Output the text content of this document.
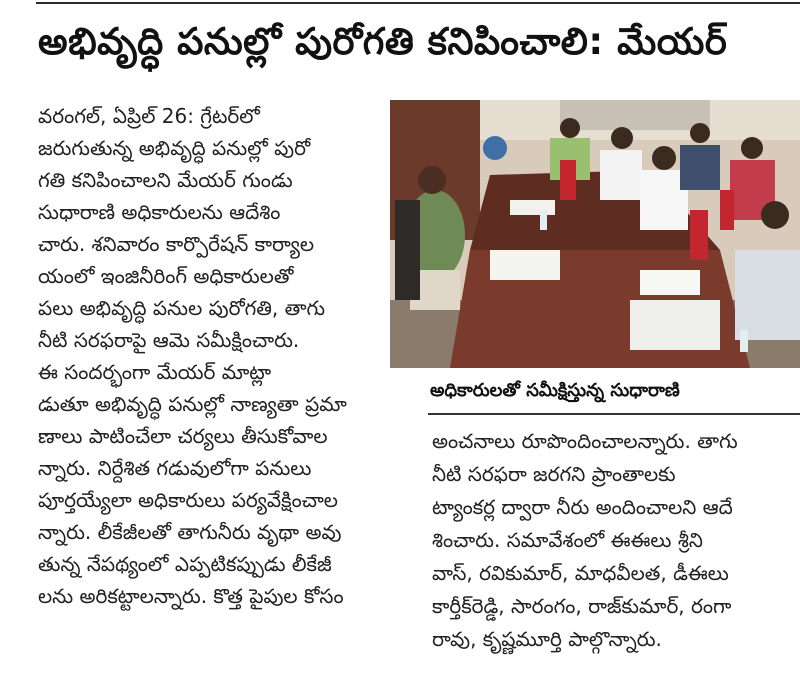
అభివృద్ధి పనుల్లో పురోగతి కనిపించాలి: మేయర్
వరంగల్, ఏప్రిల్ 26: గ్రేటర్‌లో
జరుగుతున్న అభివృద్ధి పనుల్లో పురో
గతి కనిపించాలని మేయర్ గుండు
సుధారాణి అధికారులను ఆదేశిం
చారు. శనివారం కార్పొరేషన్ కార్యాల
యంలో ఇంజినీరింగ్ అధికారులతో
పలు అభివృద్ధి పనుల పురోగతి, తాగు
నీటి సరఫరాపై ఆమె సమీక్షించారు.
ఈ సందర్భంగా మేయర్ మాట్లా
డుతూ అభివృద్ధి పనుల్లో నాణ్యతా ప్రమా
ణాలు పాటించేలా చర్యలు తీసుకోవాల
న్నారు. నిర్దేశిత గడువులోగా పనులు
పూర్తయ్యేలా అధికారులు పర్యవేక్షించాల
న్నారు. లీకేజీలతో తాగునీరు వృథా అవు
తున్న నేపథ్యంలో ఎప్పటికప్పుడు లీకేజీ
లను అరికట్టాలన్నారు. కొత్త పైపుల కోసం
అధికారులతో సమీక్షిస్తున్న సుధారాణి
అంచనాలు రూపొందించాలన్నారు. తాగు
నీటి సరఫరా జరగని ప్రాంతాలకు
ట్యాంకర్ల ద్వారా నీరు అందించాలని ఆదే
శించారు. సమావేశంలో ఈఈలు శ్రీని
వాస్, రవికుమార్, మాధవీలత, డీఈలు
కార్తీక్‌రెడ్డి, సారంగం, రాజ్‌కుమార్, రంగా
రావు, కృష్ణమూర్తి పాల్గొన్నారు.
